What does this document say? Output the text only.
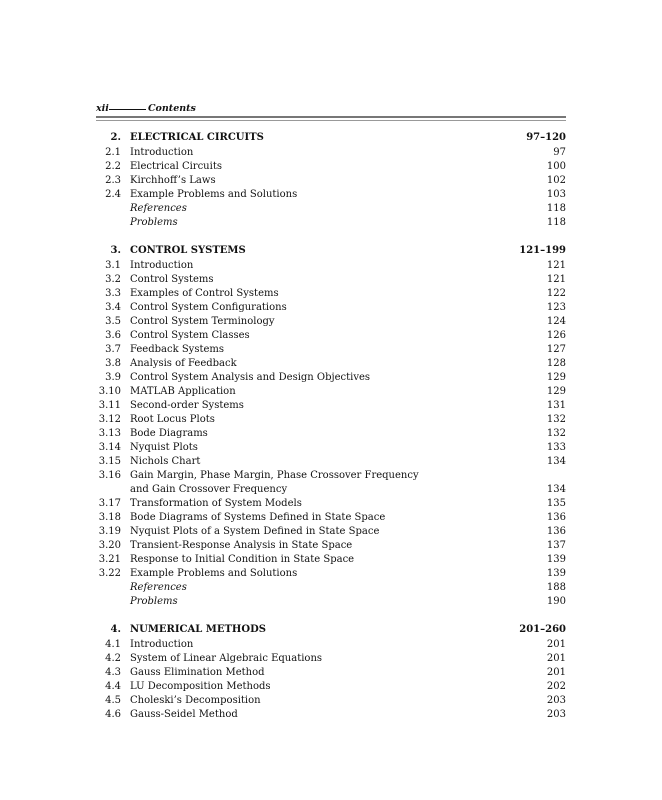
xii	Contents
2. ELECTRICAL CIRCUITS	97–120
2.1 Introduction	97
2.2 Electrical Circuits	100
2.3 Kirchhoff’s Laws	102
2.4 Example Problems and Solutions	103
References	118
Problems	118
3. CONTROL SYSTEMS	121–199
3.1 Introduction	121
3.2 Control Systems	121
3.3 Examples of Control Systems	122
3.4 Control System Configurations	123
3.5 Control System Terminology	124
3.6 Control System Classes	126
3.7 Feedback Systems	127
3.8 Analysis of Feedback	128
3.9 Control System Analysis and Design Objectives	129
3.10 MATLAB Application	129
3.11 Second-order Systems	131
3.12 Root Locus Plots	132
3.13 Bode Diagrams	132
3.14 Nyquist Plots	133
3.15 Nichols Chart	134
3.16 Gain Margin, Phase Margin, Phase Crossover Frequency and Gain Crossover Frequency	134
3.17 Transformation of System Models	135
3.18 Bode Diagrams of Systems Defined in State Space	136
3.19 Nyquist Plots of a System Defined in State Space	136
3.20 Transient-Response Analysis in State Space	137
3.21 Response to Initial Condition in State Space	139
3.22 Example Problems and Solutions	139
References	188
Problems	190
4. NUMERICAL METHODS	201–260
4.1 Introduction	201
4.2 System of Linear Algebraic Equations	201
4.3 Gauss Elimination Method	201
4.4 LU Decomposition Methods	202
4.5 Choleski’s Decomposition	203
4.6 Gauss-Seidel Method	203
